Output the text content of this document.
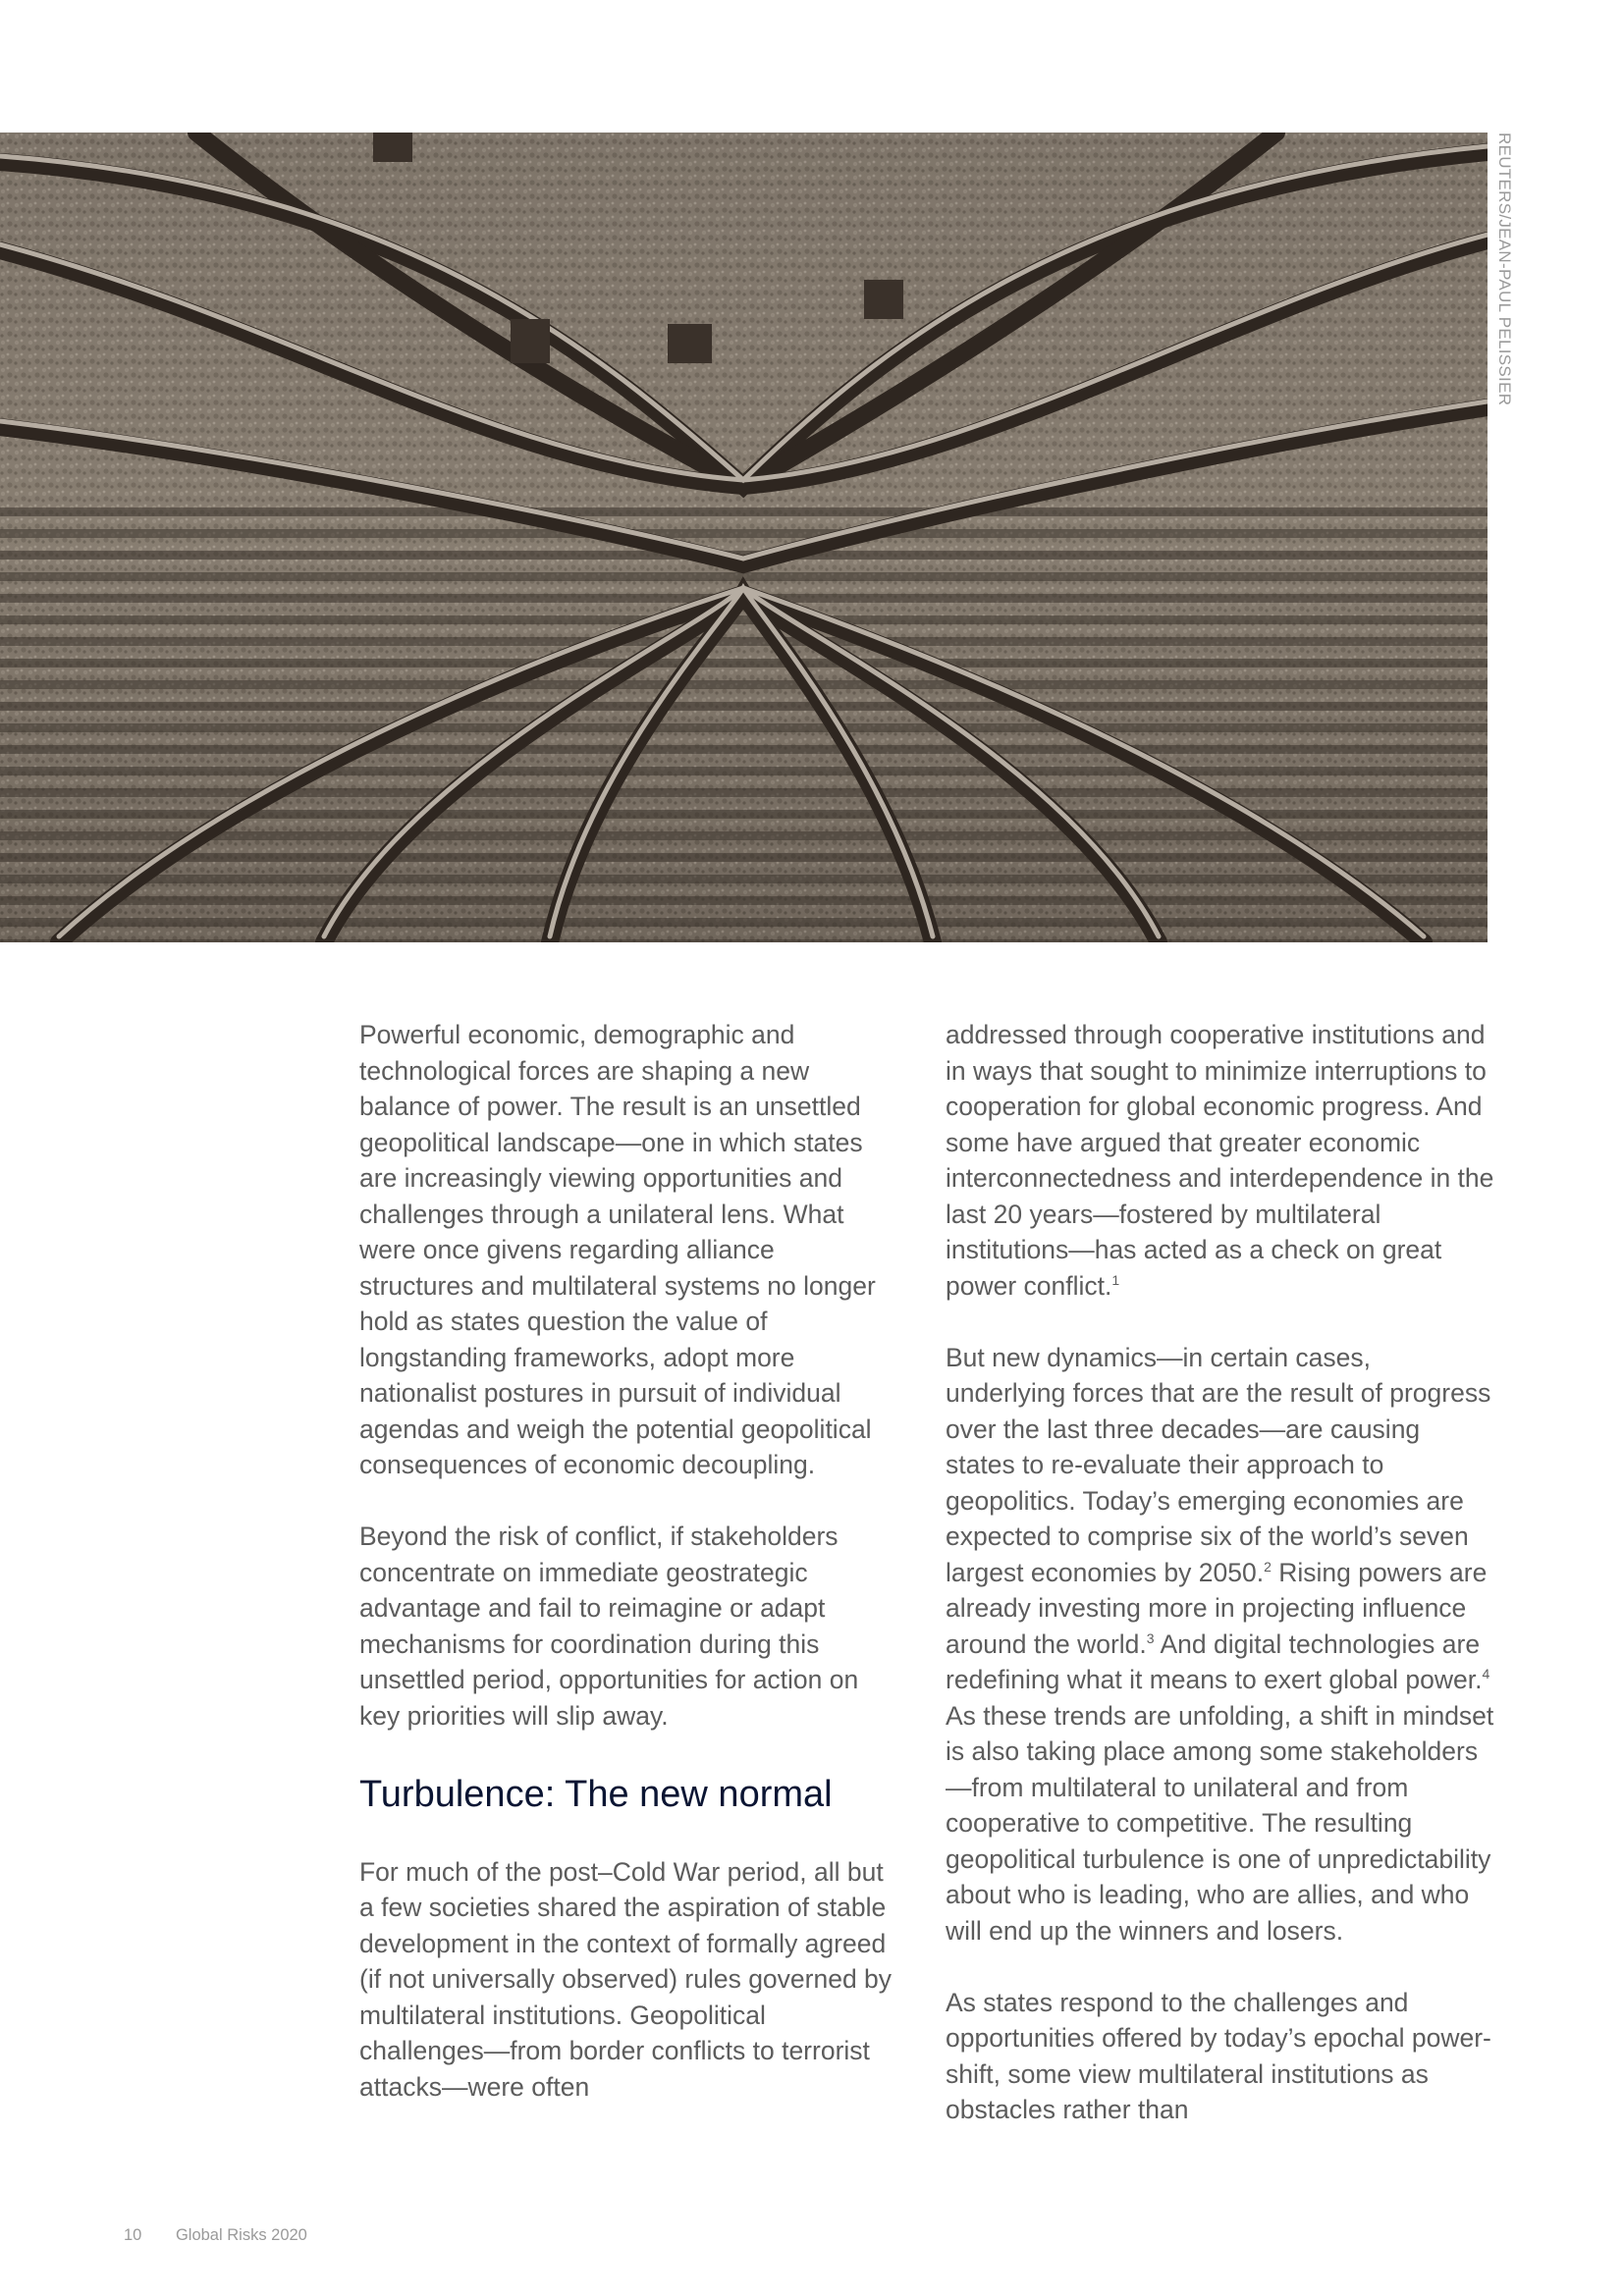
REUTERS/JEAN-PAUL PELISSIER

Powerful economic, demographic and technological forces are shaping a new balance of power. The result is an unsettled geopolitical landscape—one in which states are increasingly viewing opportunities and challenges through a unilateral lens. What were once givens regarding alliance structures and multilateral systems no longer hold as states question the value of longstanding frameworks, adopt more nationalist postures in pursuit of individual agendas and weigh the potential geopolitical consequences of economic decoupling.

Beyond the risk of conflict, if stakeholders concentrate on immediate geostrategic advantage and fail to reimagine or adapt mechanisms for coordination during this unsettled period, opportunities for action on key priorities will slip away.

Turbulence: The new normal

For much of the post–Cold War period, all but a few societies shared the aspiration of stable development in the context of formally agreed (if not universally observed) rules governed by multilateral institutions. Geopolitical challenges—from border conflicts to terrorist attacks—were often

addressed through cooperative institutions and in ways that sought to minimize interruptions to cooperation for global economic progress. And some have argued that greater economic interconnectedness and interdependence in the last 20 years—fostered by multilateral institutions—has acted as a check on great power conflict.$^1$

But new dynamics—in certain cases, underlying forces that are the result of progress over the last three decades—are causing states to re-evaluate their approach to geopolitics. Today’s emerging economies are expected to comprise six of the world’s seven largest economies by 2050.$^2$ Rising powers are already investing more in projecting influence around the world.$^3$ And digital technologies are redefining what it means to exert global power.$^4$ As these trends are unfolding, a shift in mindset is also taking place among some stakeholders—from multilateral to unilateral and from cooperative to competitive. The resulting geopolitical turbulence is one of unpredictability about who is leading, who are allies, and who will end up the winners and losers.

As states respond to the challenges and opportunities offered by today’s epochal power-shift, some view multilateral institutions as obstacles rather than

10 Global Risks 2020
